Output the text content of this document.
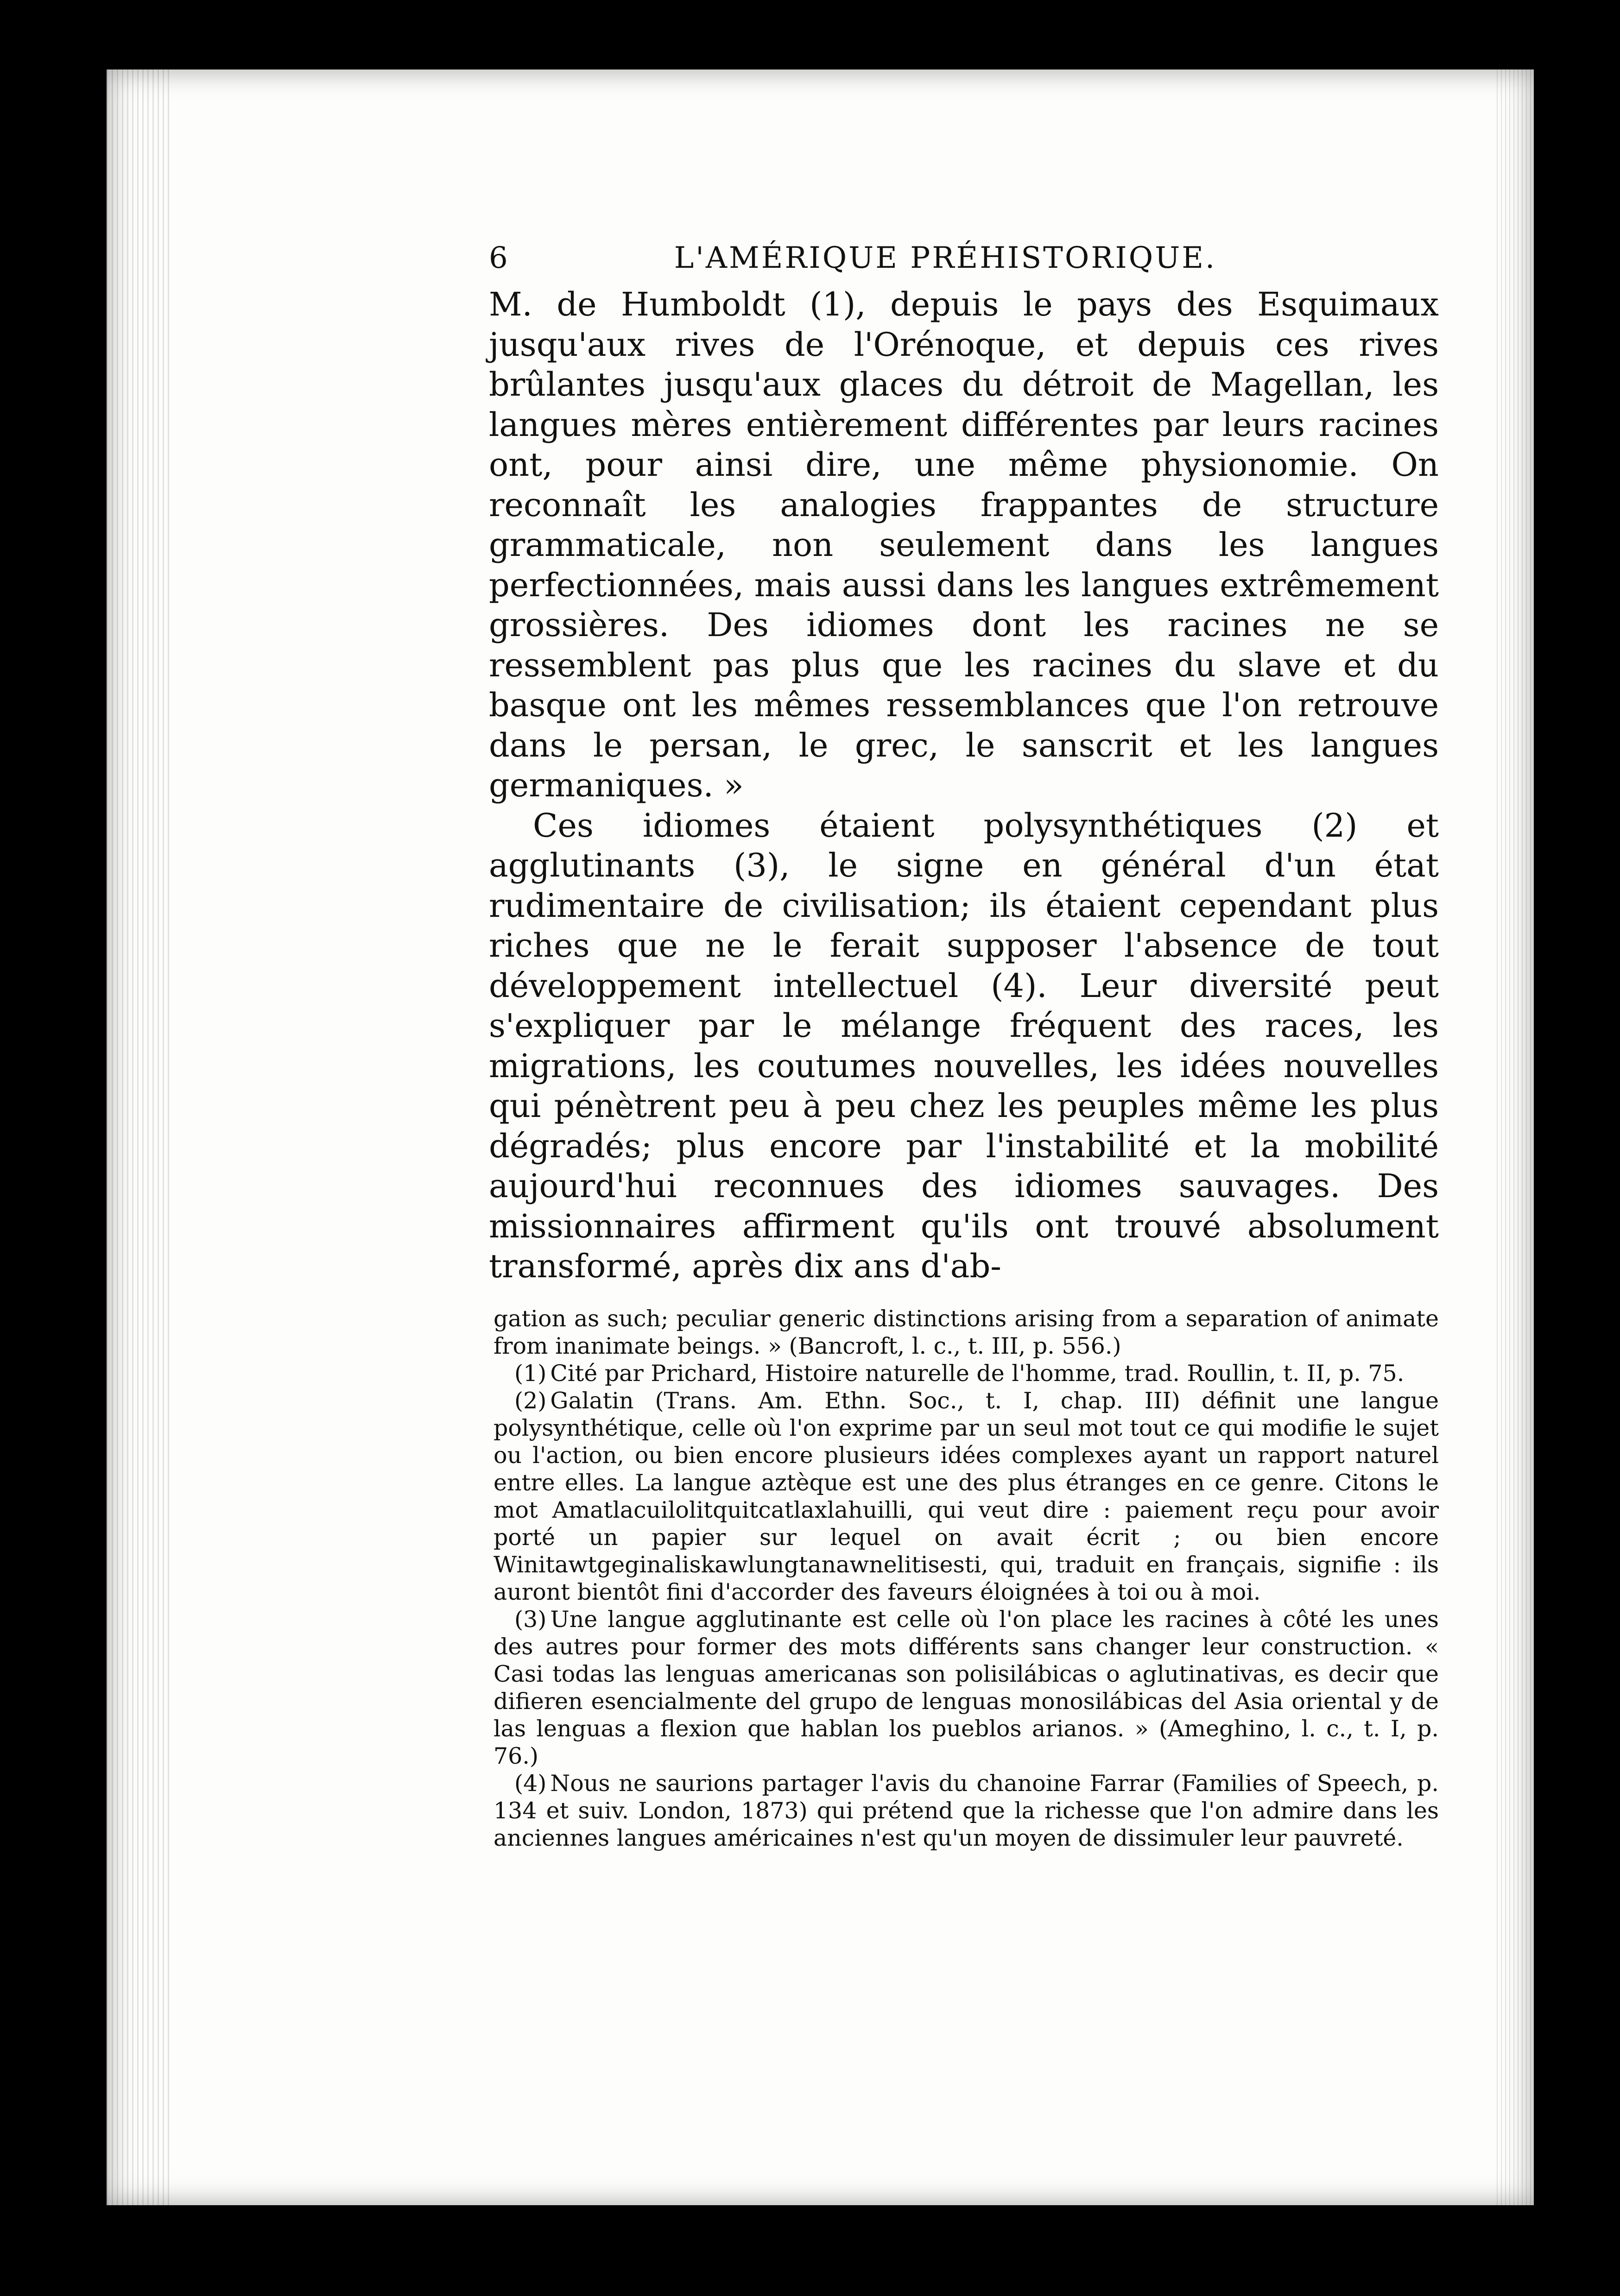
6	L'AMÉRIQUE PRÉHISTORIQUE.

M. de Humboldt (1), depuis le pays des Esquimaux jusqu'aux rives de l'Orénoque, et depuis ces rives brûlantes jusqu'aux glaces du détroit de Magellan, les langues mères entièrement différentes par leurs racines ont, pour ainsi dire, une même physionomie. On reconnaît les analogies frappantes de structure grammaticale, non seulement dans les langues perfectionnées, mais aussi dans les langues extrêmement grossières. Des idiomes dont les racines ne se ressemblent pas plus que les racines du slave et du basque ont les mêmes ressemblances que l'on retrouve dans le persan, le grec, le sanscrit et les langues germaniques. »

Ces idiomes étaient polysynthétiques (2) et agglutinants (3), le signe en général d'un état rudimentaire de civilisation; ils étaient cependant plus riches que ne le ferait supposer l'absence de tout développement intellectuel (4). Leur diversité peut s'expliquer par le mélange fréquent des races, les migrations, les coutumes nouvelles, les idées nouvelles qui pénètrent peu à peu chez les peuples même les plus dégradés; plus encore par l'instabilité et la mobilité aujourd'hui reconnues des idiomes sauvages. Des missionnaires affirment qu'ils ont trouvé absolument transformé, après dix ans d'ab-

gation as such; peculiar generic distinctions arising from a separation of animate from inanimate beings. » (Bancroft, l. c., t. III, p. 556.)

(1) Cité par Prichard, Histoire naturelle de l'homme, trad. Roullin, t. II, p. 75.

(2) Galatin (Trans. Am. Ethn. Soc., t. I, chap. III) définit une langue polysynthétique, celle où l'on exprime par un seul mot tout ce qui modifie le sujet ou l'action, ou bien encore plusieurs idées complexes ayant un rapport naturel entre elles. La langue aztèque est une des plus étranges en ce genre. Citons le mot Amatlacuilolitquitcatlaxlahuilli, qui veut dire : paiement reçu pour avoir porté un papier sur lequel on avait écrit ; ou bien encore Winitawtgeginaliskawlungtanawnelitisesti, qui, traduit en français, signifie : ils auront bientôt fini d'accorder des faveurs éloignées à toi ou à moi.

(3) Une langue agglutinante est celle où l'on place les racines à côté les unes des autres pour former des mots différents sans changer leur construction. « Casi todas las lenguas americanas son polisilábicas o aglutinativas, es decir que difieren esencialmente del grupo de lenguas monosilábicas del Asia oriental y de las lenguas a flexion que hablan los pueblos arianos. » (Ameghino, l. c., t. I, p. 76.)

(4) Nous ne saurions partager l'avis du chanoine Farrar (Families of Speech, p. 134 et suiv. London, 1873) qui prétend que la richesse que l'on admire dans les anciennes langues américaines n'est qu'un moyen de dissimuler leur pauvreté.
